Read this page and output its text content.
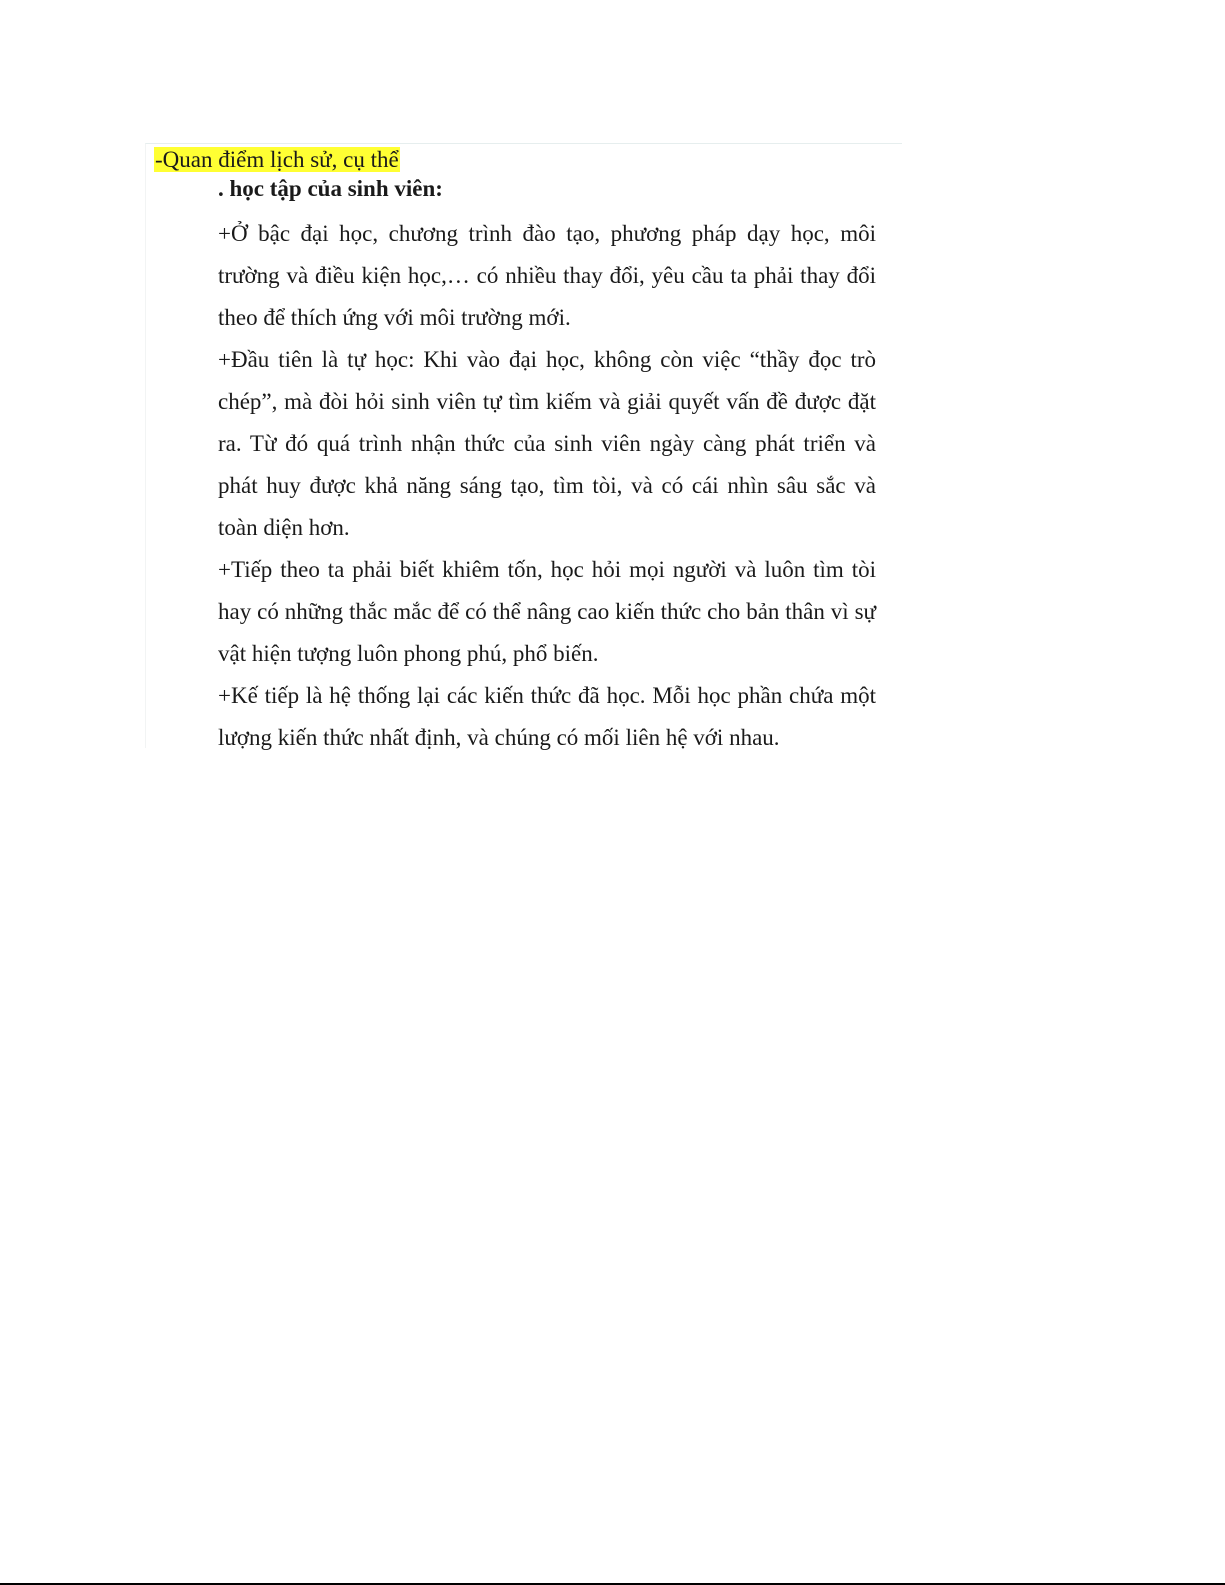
-Quan điểm lịch sử, cụ thể
. học tập của sinh viên:

+Ở bậc đại học, chương trình đào tạo, phương pháp dạy học, môi trường và điều kiện học,… có nhiều thay đổi, yêu cầu ta phải thay đổi theo để thích ứng với môi trường mới.

+Đầu tiên là tự học: Khi vào đại học, không còn việc “thầy đọc trò chép”, mà đòi hỏi sinh viên tự tìm kiếm và giải quyết vấn đề được đặt ra. Từ đó quá trình nhận thức của sinh viên ngày càng phát triển và phát huy được khả năng sáng tạo, tìm tòi, và có cái nhìn sâu sắc và toàn diện hơn.

+Tiếp theo ta phải biết khiêm tốn, học hỏi mọi người và luôn tìm tòi hay có những thắc mắc để có thể nâng cao kiến thức cho bản thân vì sự vật hiện tượng luôn phong phú, phổ biến.

+Kế tiếp là hệ thống lại các kiến thức đã học. Mỗi học phần chứa một lượng kiến thức nhất định, và chúng có mối liên hệ với nhau.
